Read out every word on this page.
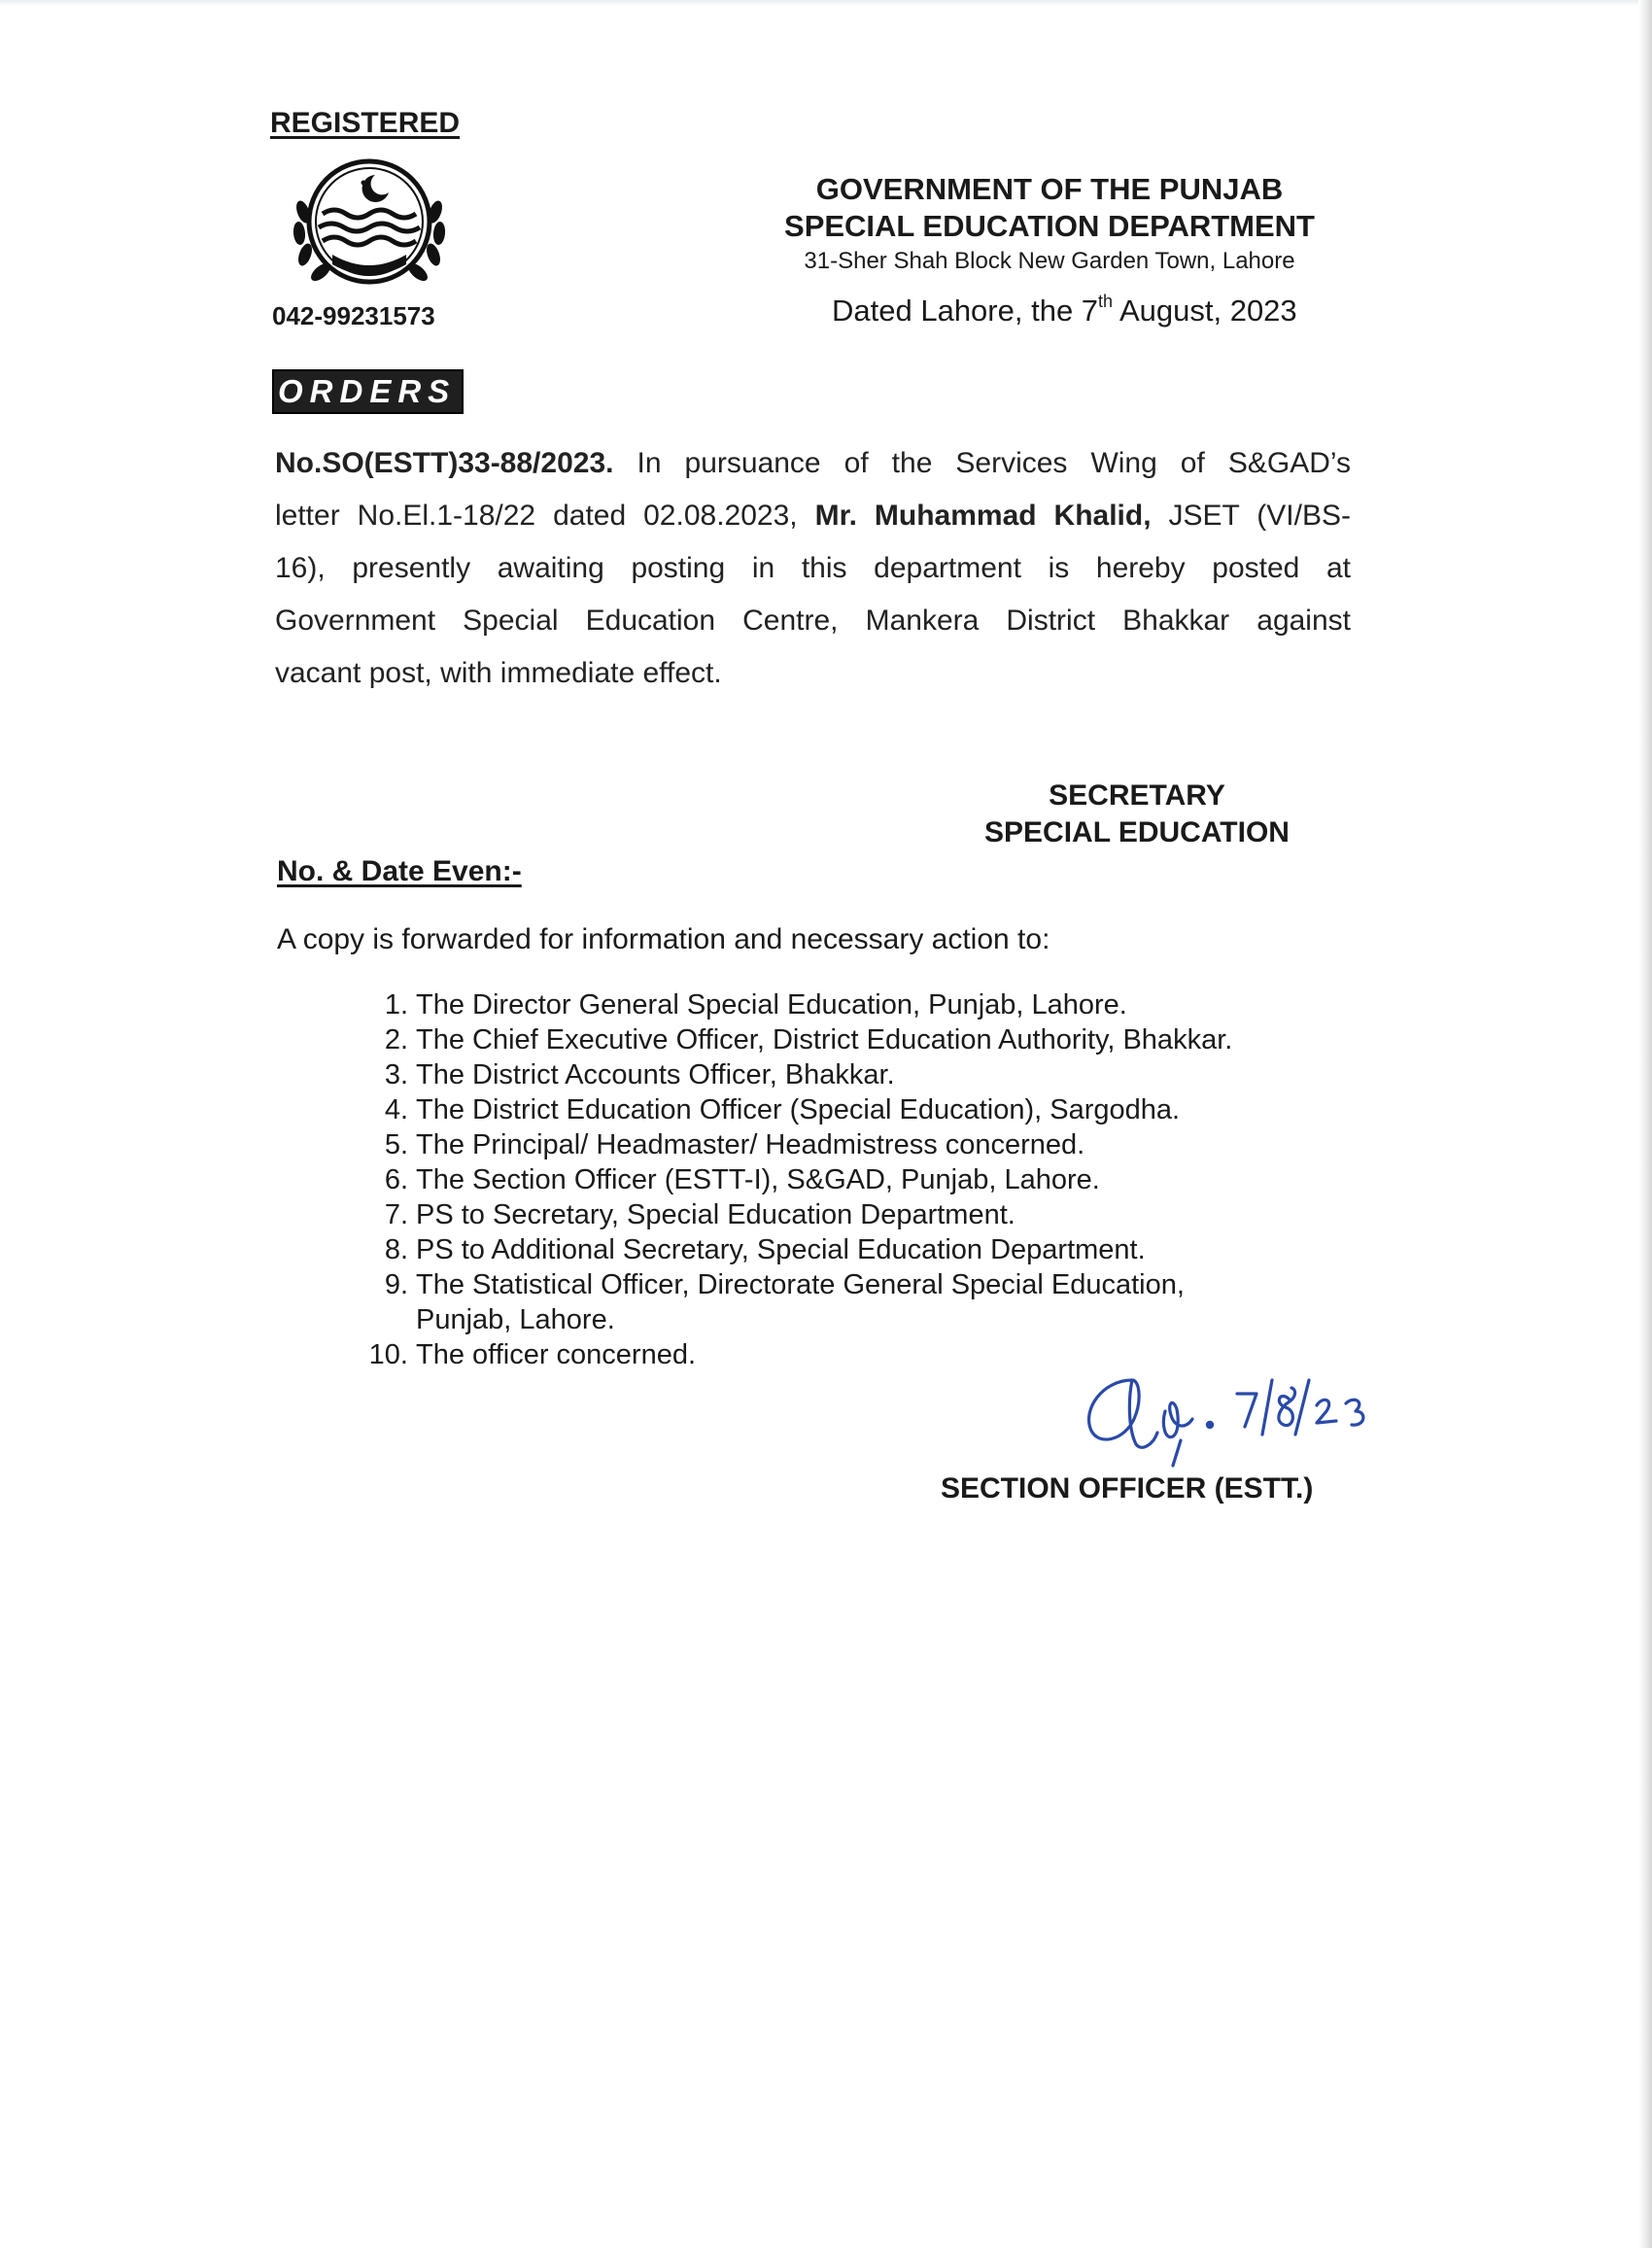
REGISTERED
042-99231573
GOVERNMENT OF THE PUNJAB
SPECIAL EDUCATION DEPARTMENT
31-Sher Shah Block New Garden Town, Lahore
Dated Lahore, the 7th August, 2023
ORDERS
No.SO(ESTT)33-88/2023. In pursuance of the Services Wing of S&GAD’s
letter No.El.1-18/22 dated 02.08.2023, Mr. Muhammad Khalid, JSET (VI/BS-
16), presently awaiting posting in this department is hereby posted at
Government Special Education Centre, Mankera District Bhakkar against
vacant post, with immediate effect.
SECRETARY
SPECIAL EDUCATION
No. & Date Even:-
A copy is forwarded for information and necessary action to:
1. The Director General Special Education, Punjab, Lahore.
2. The Chief Executive Officer, District Education Authority, Bhakkar.
3. The District Accounts Officer, Bhakkar.
4. The District Education Officer (Special Education), Sargodha.
5. The Principal/ Headmaster/ Headmistress concerned.
6. The Section Officer (ESTT-I), S&GAD, Punjab, Lahore.
7. PS to Secretary, Special Education Department.
8. PS to Additional Secretary, Special Education Department.
9. The Statistical Officer, Directorate General Special Education,
Punjab, Lahore.
10. The officer concerned.
SECTION OFFICER (ESTT.)
